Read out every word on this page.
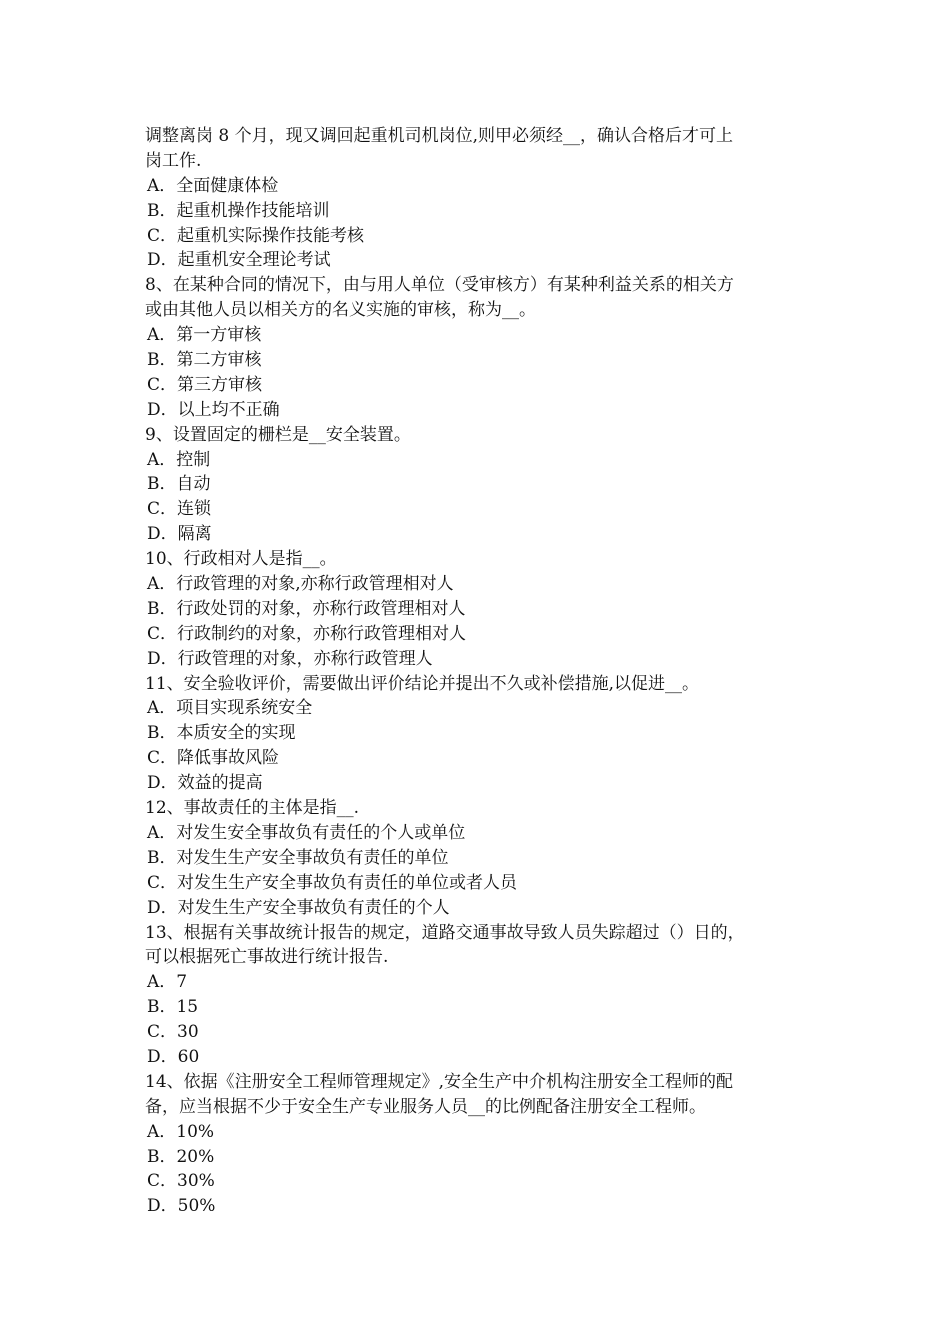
调整离岗 8 个月，现又调回起重机司机岗位,则甲必须经__，确认合格后才可上
岗工作.
A．全面健康体检
B．起重机操作技能培训
C．起重机实际操作技能考核
D．起重机安全理论考试
8、在某种合同的情况下，由与用人单位（受审核方）有某种利益关系的相关方
或由其他人员以相关方的名义实施的审核，称为__。
A．第一方审核
B．第二方审核
C．第三方审核
D．以上均不正确
9、设置固定的栅栏是__安全装置。
A．控制
B．自动
C．连锁
D．隔离
10、行政相对人是指__。
A．行政管理的对象,亦称行政管理相对人
B．行政处罚的对象，亦称行政管理相对人
C．行政制约的对象，亦称行政管理相对人
D．行政管理的对象，亦称行政管理人
11、安全验收评价，需要做出评价结论并提出不久或补偿措施,以促进__。
A．项目实现系统安全
B．本质安全的实现
C．降低事故风险
D．效益的提高
12、事故责任的主体是指__.
A．对发生安全事故负有责任的个人或单位
B．对发生生产安全事故负有责任的单位
C．对发生生产安全事故负有责任的单位或者人员
D．对发生生产安全事故负有责任的个人
13、根据有关事故统计报告的规定，道路交通事故导致人员失踪超过（）日的，
可以根据死亡事故进行统计报告.
A．7
B．15
C．30
D．60
14、依据《注册安全工程师管理规定》,安全生产中介机构注册安全工程师的配
备，应当根据不少于安全生产专业服务人员__的比例配备注册安全工程师。
A．10%
B．20%
C．30%
D．50%
